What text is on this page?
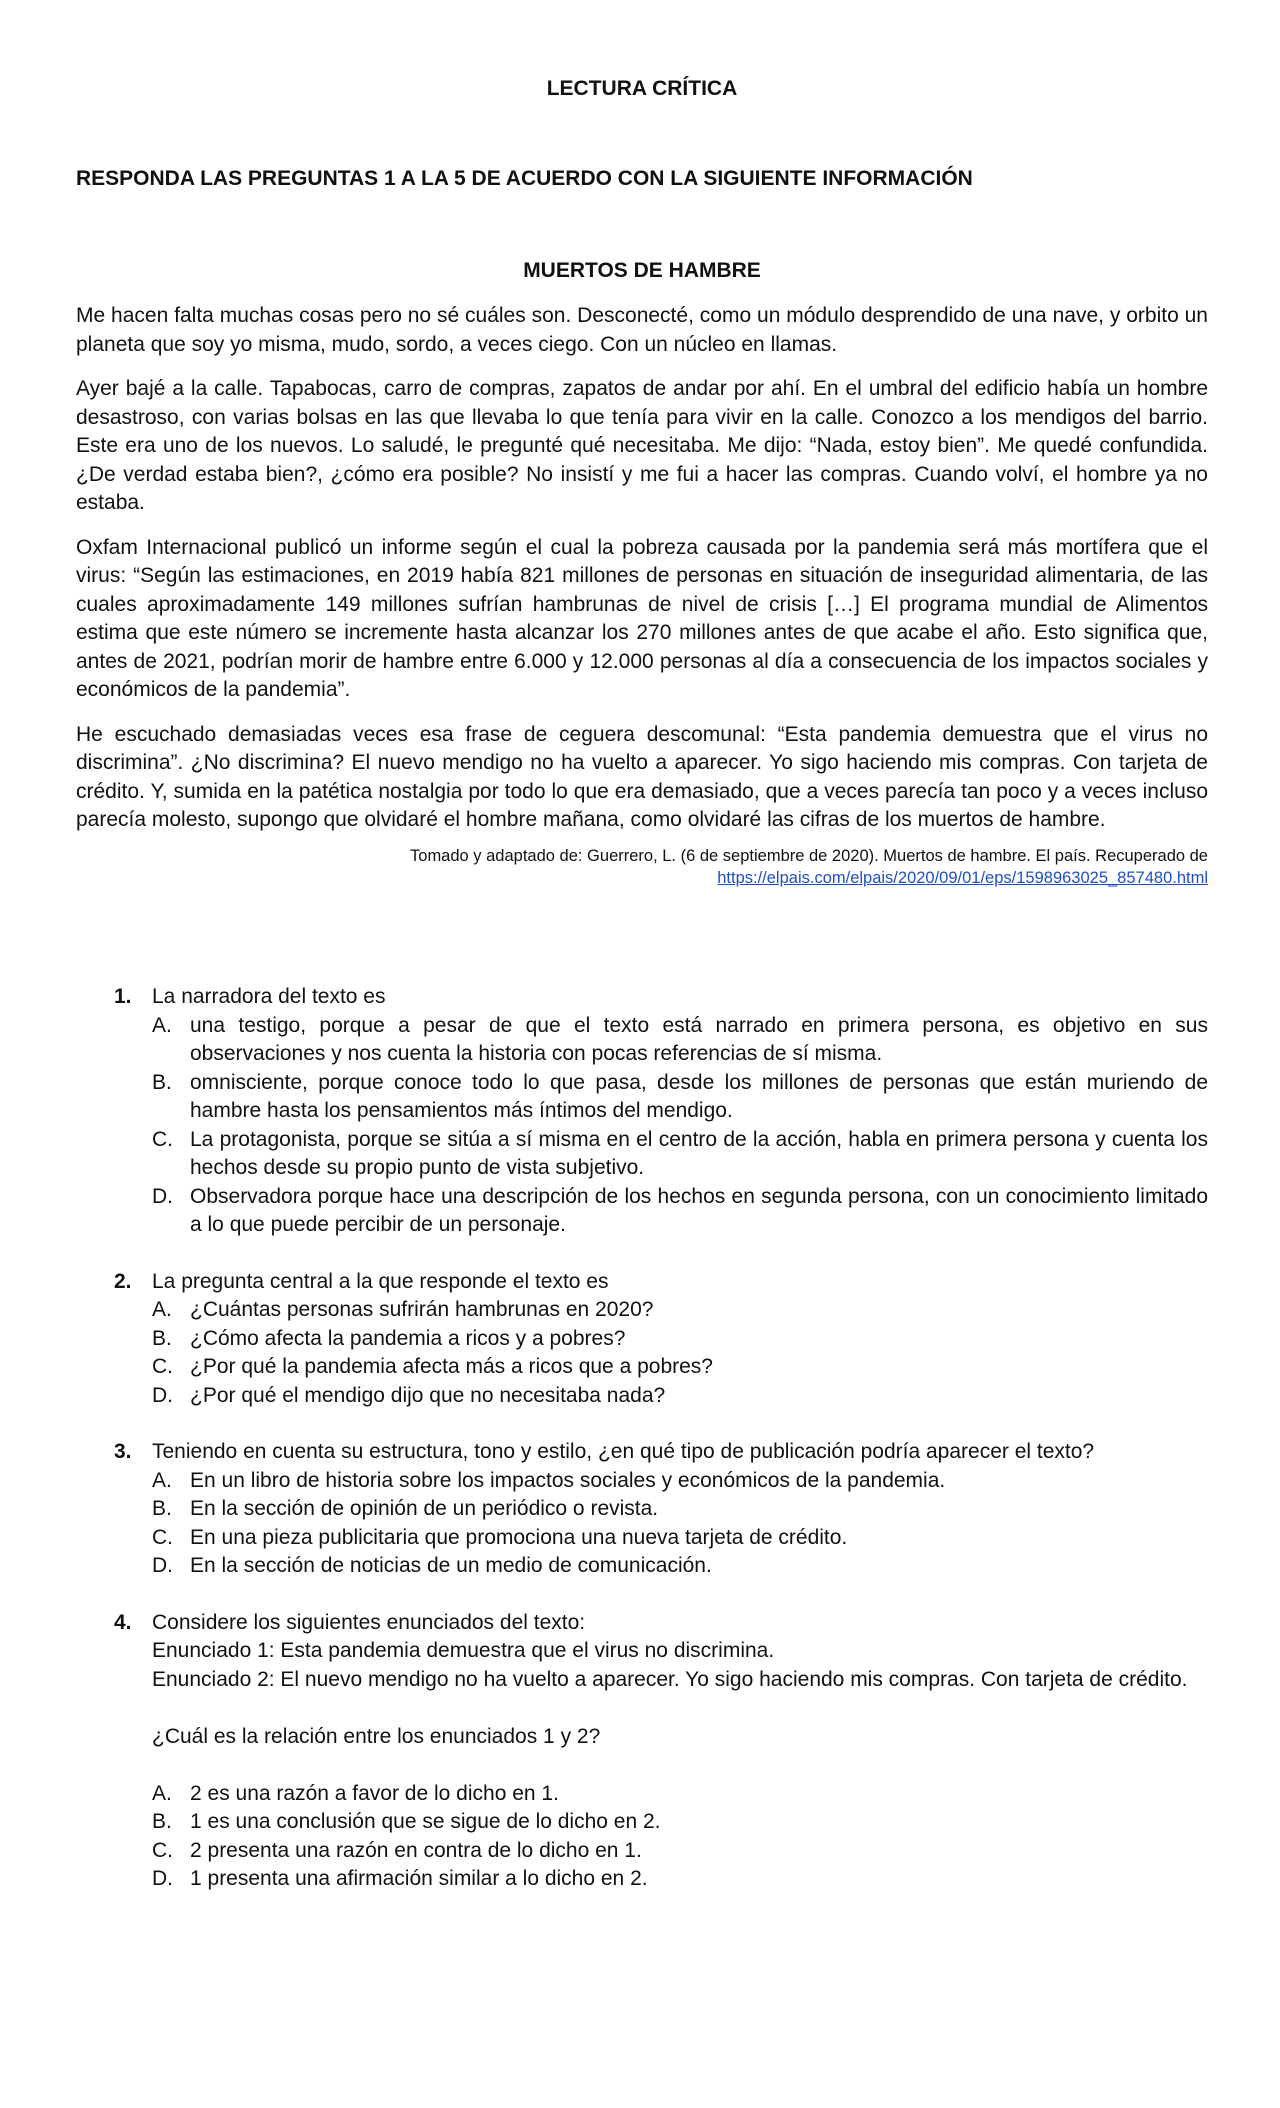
LECTURA CRÍTICA
RESPONDA LAS PREGUNTAS 1 A LA 5 DE ACUERDO CON LA SIGUIENTE INFORMACIÓN
MUERTOS DE HAMBRE

Me hacen falta muchas cosas pero no sé cuáles son. Desconecté, como un módulo desprendido de una nave, y orbito un planeta que soy yo misma, mudo, sordo, a veces ciego. Con un núcleo en llamas.

Ayer bajé a la calle. Tapabocas, carro de compras, zapatos de andar por ahí. En el umbral del edificio había un hombre desastroso, con varias bolsas en las que llevaba lo que tenía para vivir en la calle. Conozco a los mendigos del barrio. Este era uno de los nuevos. Lo saludé, le pregunté qué necesitaba. Me dijo: “Nada, estoy bien”. Me quedé confundida. ¿De verdad estaba bien?, ¿cómo era posible? No insistí y me fui a hacer las compras. Cuando volví, el hombre ya no estaba.

Oxfam Internacional publicó un informe según el cual la pobreza causada por la pandemia será más mortífera que el virus: “Según las estimaciones, en 2019 había 821 millones de personas en situación de inseguridad alimentaria, de las cuales aproximadamente 149 millones sufrían hambrunas de nivel de crisis […] El programa mundial de Alimentos estima que este número se incremente hasta alcanzar los 270 millones antes de que acabe el año. Esto significa que, antes de 2021, podrían morir de hambre entre 6.000 y 12.000 personas al día a consecuencia de los impactos sociales y económicos de la pandemia”.

He escuchado demasiadas veces esa frase de ceguera descomunal: “Esta pandemia demuestra que el virus no discrimina”. ¿No discrimina? El nuevo mendigo no ha vuelto a aparecer. Yo sigo haciendo mis compras. Con tarjeta de crédito. Y, sumida en la patética nostalgia por todo lo que era demasiado, que a veces parecía tan poco y a veces incluso parecía molesto, supongo que olvidaré el hombre mañana, como olvidaré las cifras de los muertos de hambre.

Tomado y adaptado de: Guerrero, L. (6 de septiembre de 2020). Muertos de hambre. El país. Recuperado de
https://elpais.com/elpais/2020/09/01/eps/1598963025_857480.html
1. La narradora del texto es
A. una testigo, porque a pesar de que el texto está narrado en primera persona, es objetivo en sus observaciones y nos cuenta la historia con pocas referencias de sí misma.
B. omnisciente, porque conoce todo lo que pasa, desde los millones de personas que están muriendo de hambre hasta los pensamientos más íntimos del mendigo.
C. La protagonista, porque se sitúa a sí misma en el centro de la acción, habla en primera persona y cuenta los hechos desde su propio punto de vista subjetivo.
D. Observadora porque hace una descripción de los hechos en segunda persona, con un conocimiento limitado a lo que puede percibir de un personaje.
2. La pregunta central a la que responde el texto es
A. ¿Cuántas personas sufrirán hambrunas en 2020?
B. ¿Cómo afecta la pandemia a ricos y a pobres?
C. ¿Por qué la pandemia afecta más a ricos que a pobres?
D. ¿Por qué el mendigo dijo que no necesitaba nada?
3. Teniendo en cuenta su estructura, tono y estilo, ¿en qué tipo de publicación podría aparecer el texto?
A. En un libro de historia sobre los impactos sociales y económicos de la pandemia.
B. En la sección de opinión de un periódico o revista.
C. En una pieza publicitaria que promociona una nueva tarjeta de crédito.
D. En la sección de noticias de un medio de comunicación.
4. Considere los siguientes enunciados del texto:
Enunciado 1: Esta pandemia demuestra que el virus no discrimina.
Enunciado 2: El nuevo mendigo no ha vuelto a aparecer. Yo sigo haciendo mis compras. Con tarjeta de crédito.
¿Cuál es la relación entre los enunciados 1 y 2?
A. 2 es una razón a favor de lo dicho en 1.
B. 1 es una conclusión que se sigue de lo dicho en 2.
C. 2 presenta una razón en contra de lo dicho en 1.
D. 1 presenta una afirmación similar a lo dicho en 2.
